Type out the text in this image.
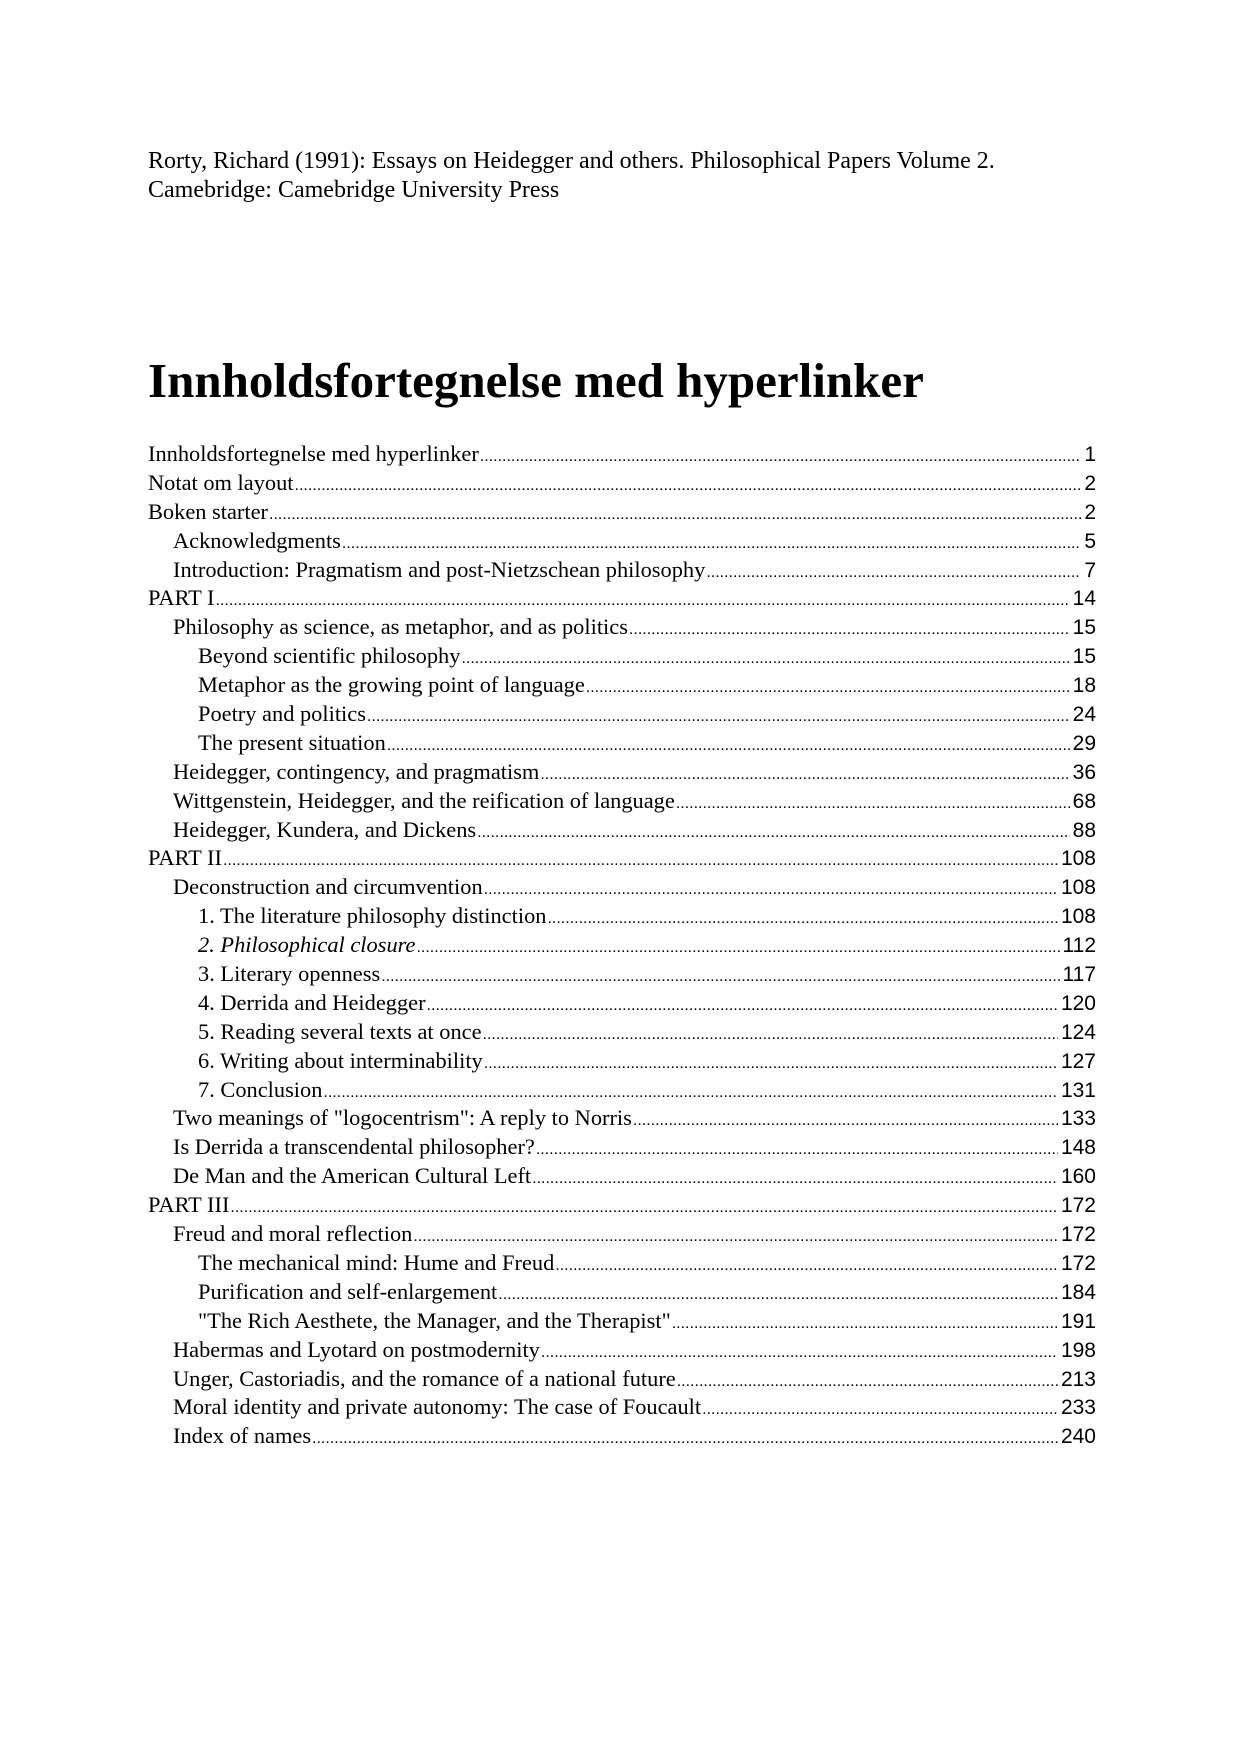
Rorty, Richard (1991): Essays on Heidegger and others. Philosophical Papers Volume 2.
Camebridge: Camebridge University Press
Innholdsfortegnelse med hyperlinker
Innholdsfortegnelse med hyperlinker .....	1
Notat om layout .....	2
Boken starter .....	2
Acknowledgments .....	5
Introduction: Pragmatism and post-Nietzschean philosophy .....	7
PART I .....	14
Philosophy as science, as metaphor, and as politics .....	15
Beyond scientific philosophy .....	15
Metaphor as the growing point of language .....	18
Poetry and politics .....	24
The present situation .....	29
Heidegger, contingency, and pragmatism .....	36
Wittgenstein, Heidegger, and the reification of language .....	68
Heidegger, Kundera, and Dickens .....	88
PART II .....	108
Deconstruction and circumvention .....	108
1. The literature philosophy distinction .....	108
2. Philosophical closure .....	112
3. Literary openness .....	117
4. Derrida and Heidegger .....	120
5. Reading several texts at once .....	124
6. Writing about interminability .....	127
7. Conclusion .....	131
Two meanings of "logocentrism": A reply to Norris .....	133
Is Derrida a transcendental philosopher? .....	148
De Man and the American Cultural Left .....	160
PART III .....	172
Freud and moral reflection .....	172
The mechanical mind: Hume and Freud .....	172
Purification and self-enlargement .....	184
"The Rich Aesthete, the Manager, and the Therapist" .....	191
Habermas and Lyotard on postmodernity .....	198
Unger, Castoriadis, and the romance of a national future .....	213
Moral identity and private autonomy: The case of Foucault .....	233
Index of names .....	240
